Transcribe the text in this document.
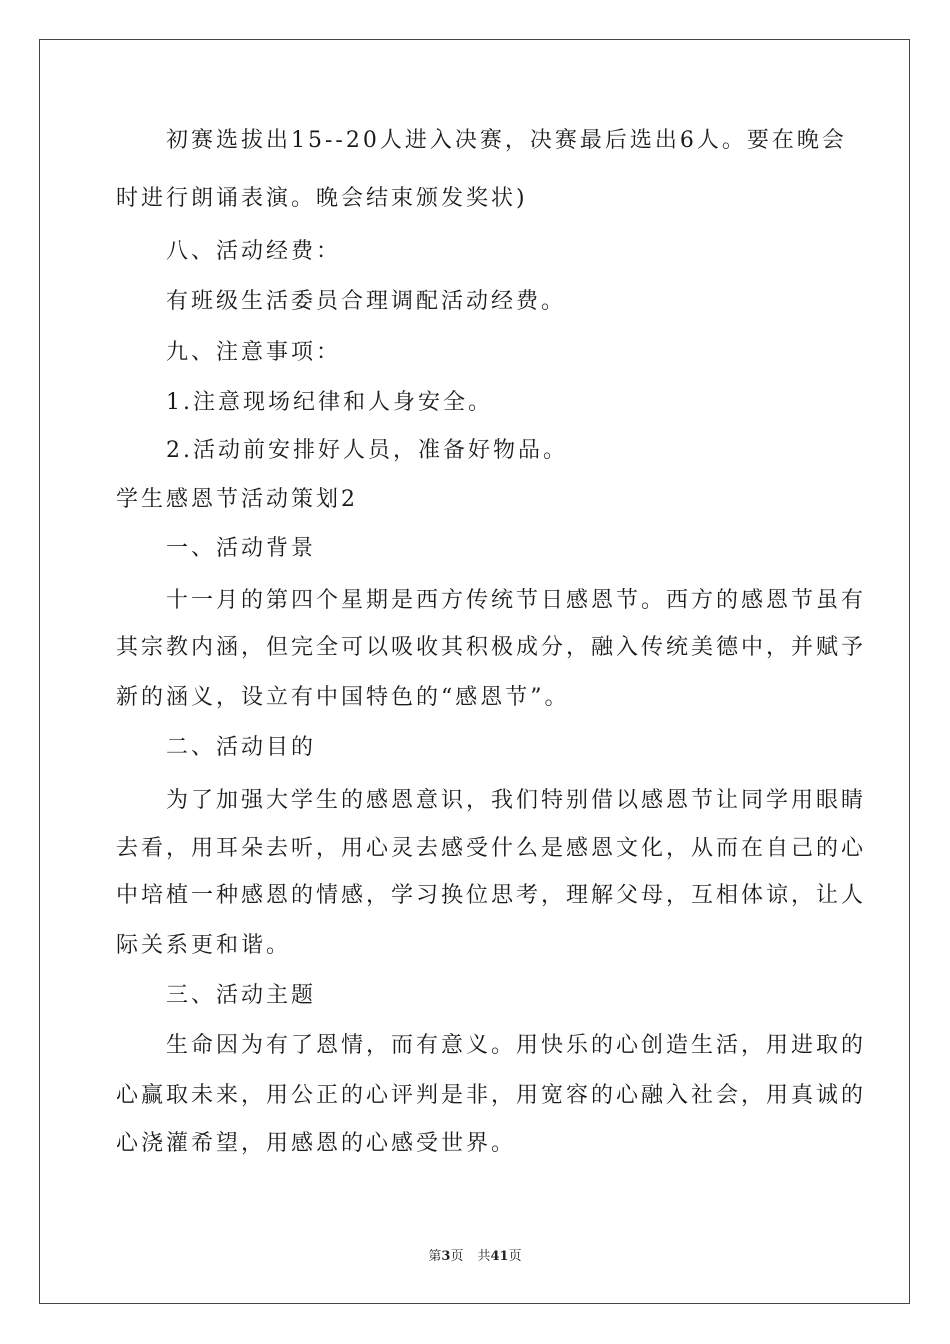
　　初赛选拔出15--20人进入决赛，决赛最后选出6人。要在晚会

时进行朗诵表演。晚会结束颁发奖状)

　　八、活动经费：

　　有班级生活委员合理调配活动经费。

　　九、注意事项：

　　1.注意现场纪律和人身安全。

　　2.活动前安排好人员，准备好物品。

学生感恩节活动策划2

　　一、活动背景

　　十一月的第四个星期是西方传统节日感恩节。西方的感恩节虽有

其宗教内涵，但完全可以吸收其积极成分，融入传统美德中，并赋予

新的涵义，设立有中国特色的“感恩节”。

　　二、活动目的

　　为了加强大学生的感恩意识，我们特别借以感恩节让同学用眼睛

去看，用耳朵去听，用心灵去感受什么是感恩文化，从而在自己的心

中培植一种感恩的情感，学习换位思考，理解父母，互相体谅，让人

际关系更和谐。

　　三、活动主题

　　生命因为有了恩情，而有意义。用快乐的心创造生活，用进取的

心赢取未来，用公正的心评判是非，用宽容的心融入社会，用真诚的

心浇灌希望，用感恩的心感受世界。

第3页 共41页
